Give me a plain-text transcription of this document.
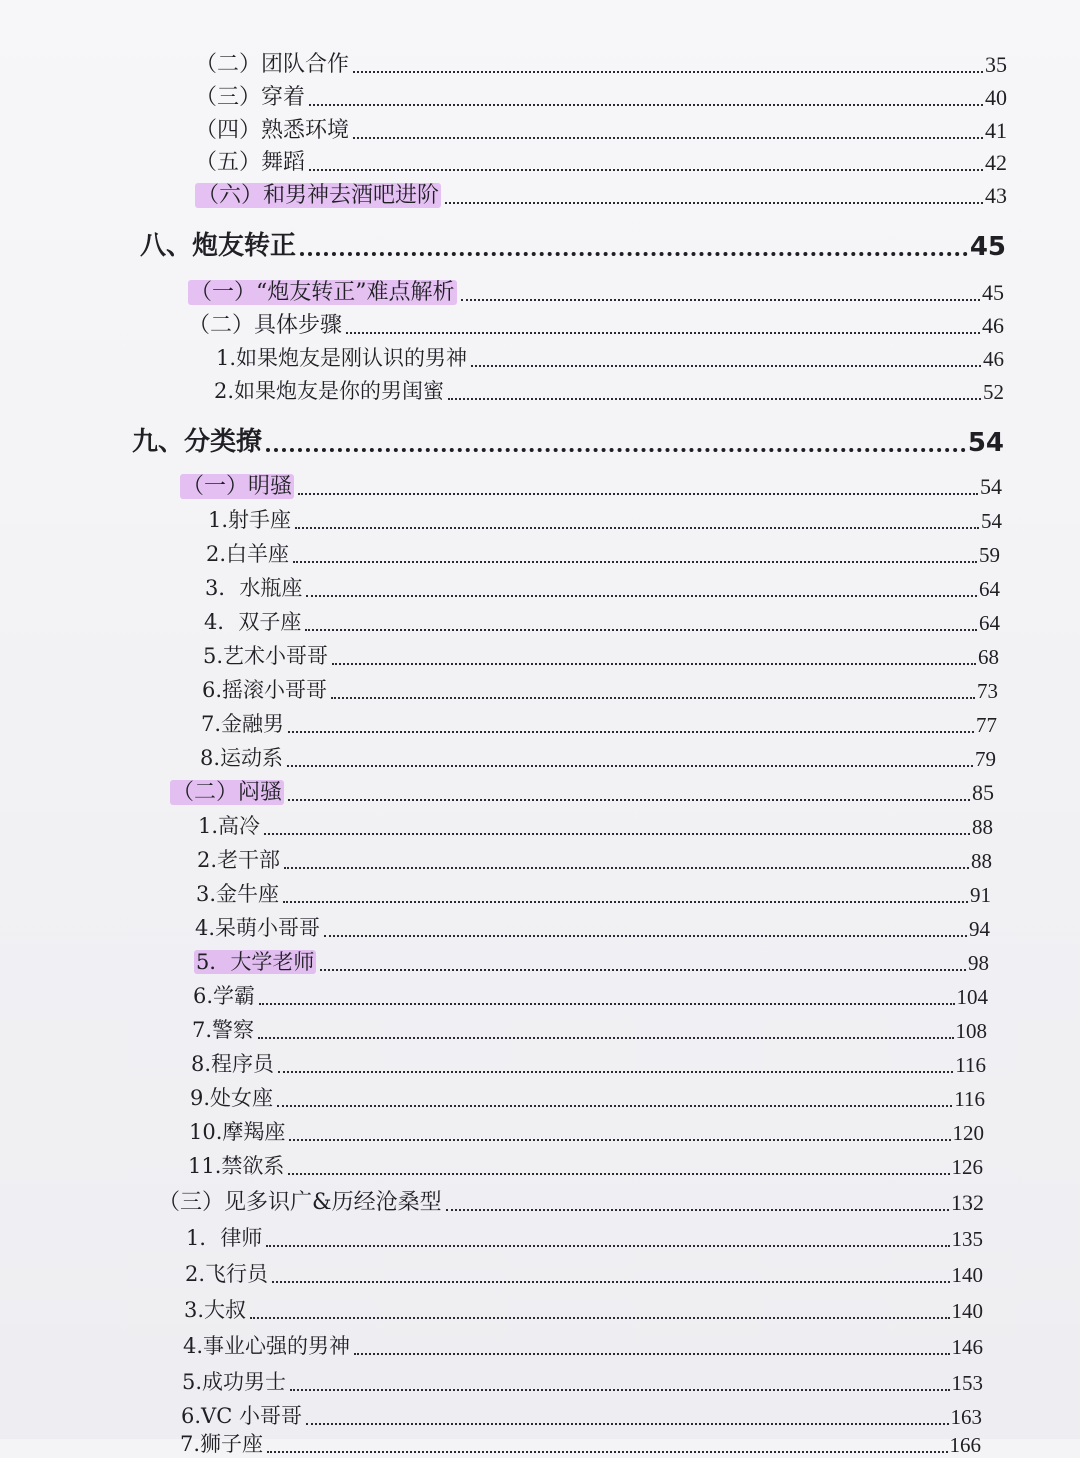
（二）团队合作	35
（三）穿着	40
（四）熟悉环境	41
（五）舞蹈	42
（六）和男神去酒吧进阶	43
八、炮友转正	45
（一）“炮友转正”难点解析	45
（二）具体步骤	46
1.如果炮友是刚认识的男神	46
2.如果炮友是你的男闺蜜	52
九、分类撩	54
（一）明骚	54
1.射手座	54
2.白羊座	59
3．水瓶座	64
4．双子座	64
5.艺术小哥哥	68
6.摇滚小哥哥	73
7.金融男	77
8.运动系	79
（二）闷骚	85
1.高冷	88
2.老干部	88
3.金牛座	91
4.呆萌小哥哥	94
5．大学老师	98
6.学霸	104
7.警察	108
8.程序员	116
9.处女座	116
10.摩羯座	120
11.禁欲系	126
（三）见多识广&历经沧桑型	132
1．律师	135
2.飞行员	140
3.大叔	140
4.事业心强的男神	146
5.成功男士	153
6.VC 小哥哥	163
7.狮子座	166
